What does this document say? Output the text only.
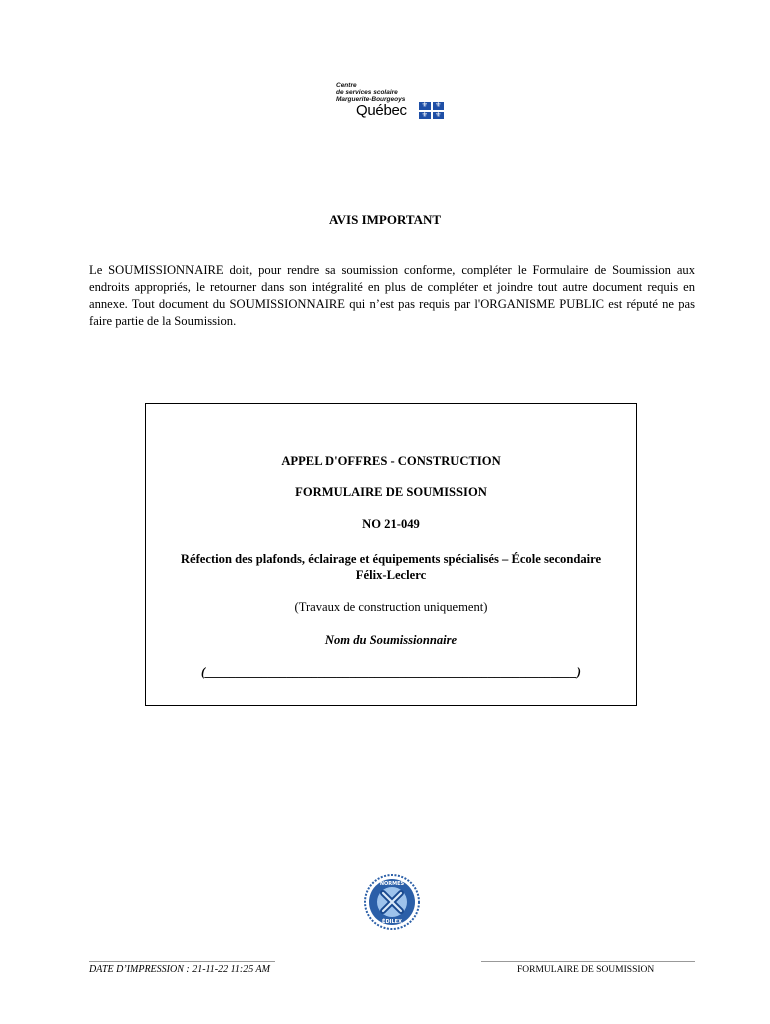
Centre
de services scolaire
Marguerite-Bourgeoys
Québec	⚜	⚜
⚜	⚜
AVIS IMPORTANT

Le SOUMISSIONNAIRE doit, pour rendre sa soumission conforme, compléter le Formulaire de Soumission aux endroits appropriés, le retourner dans son intégralité en plus de compléter et joindre tout autre document requis en annexe. Tout document du SOUMISSIONNAIRE qui n’est pas requis par l'ORGANISME PUBLIC est réputé ne pas faire partie de la Soumission.

APPEL D'OFFRES - CONSTRUCTION
FORMULAIRE DE SOUMISSION
NO 21-049
Réfection des plafonds, éclairage et équipements spécialisés – École secondaire
Félix-Leclerc
(Travaux de construction uniquement)
Nom du Soumissionnaire
(___________________________________________________________)
NORMES
ÉDILEX
DATE D’IMPRESSION : 21-11-22 11:25 AM	FORMULAIRE DE SOUMISSION
